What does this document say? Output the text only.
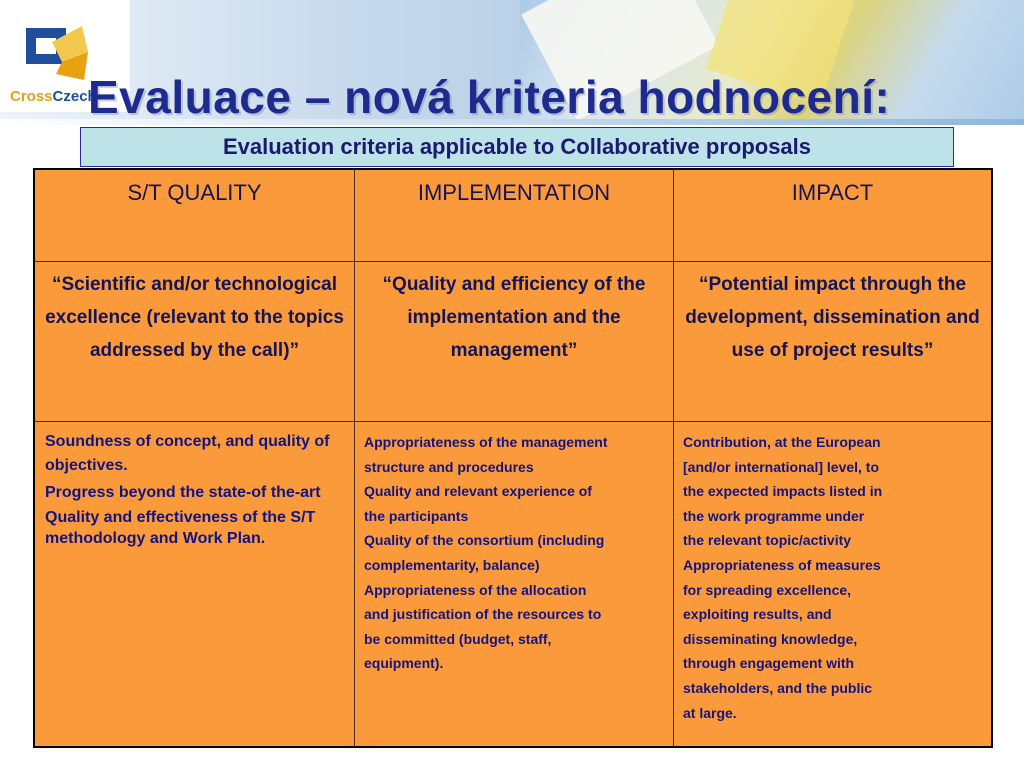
CrossCzech
Evaluace – nová kriteria hodnocení:
Evaluation criteria applicable to Collaborative proposals
S/T QUALITY	IMPLEMENTATION	IMPACT
“Scientific and/or technological excellence (relevant to the topics addressed by the call)”
“Quality and efficiency of the implementation and the management”
“Potential impact through the development, dissemination and use of project results”

Soundness of concept, and quality of objectives.

Progress beyond the state-of the-art

Quality and effectiveness of the S/T methodology and Work Plan.

Appropriateness of the management

structure and procedures

Quality and relevant experience of

the participants

Quality of the consortium (including

complementarity, balance)

Appropriateness of the allocation

and justification of the resources to

be committed (budget, staff,

equipment).

Contribution, at the European

[and/or international] level, to

the expected impacts listed in

the work programme under

the relevant topic/activity

Appropriateness of measures

for spreading excellence,

exploiting results, and

disseminating knowledge,

through engagement with

stakeholders, and the public

at large.
